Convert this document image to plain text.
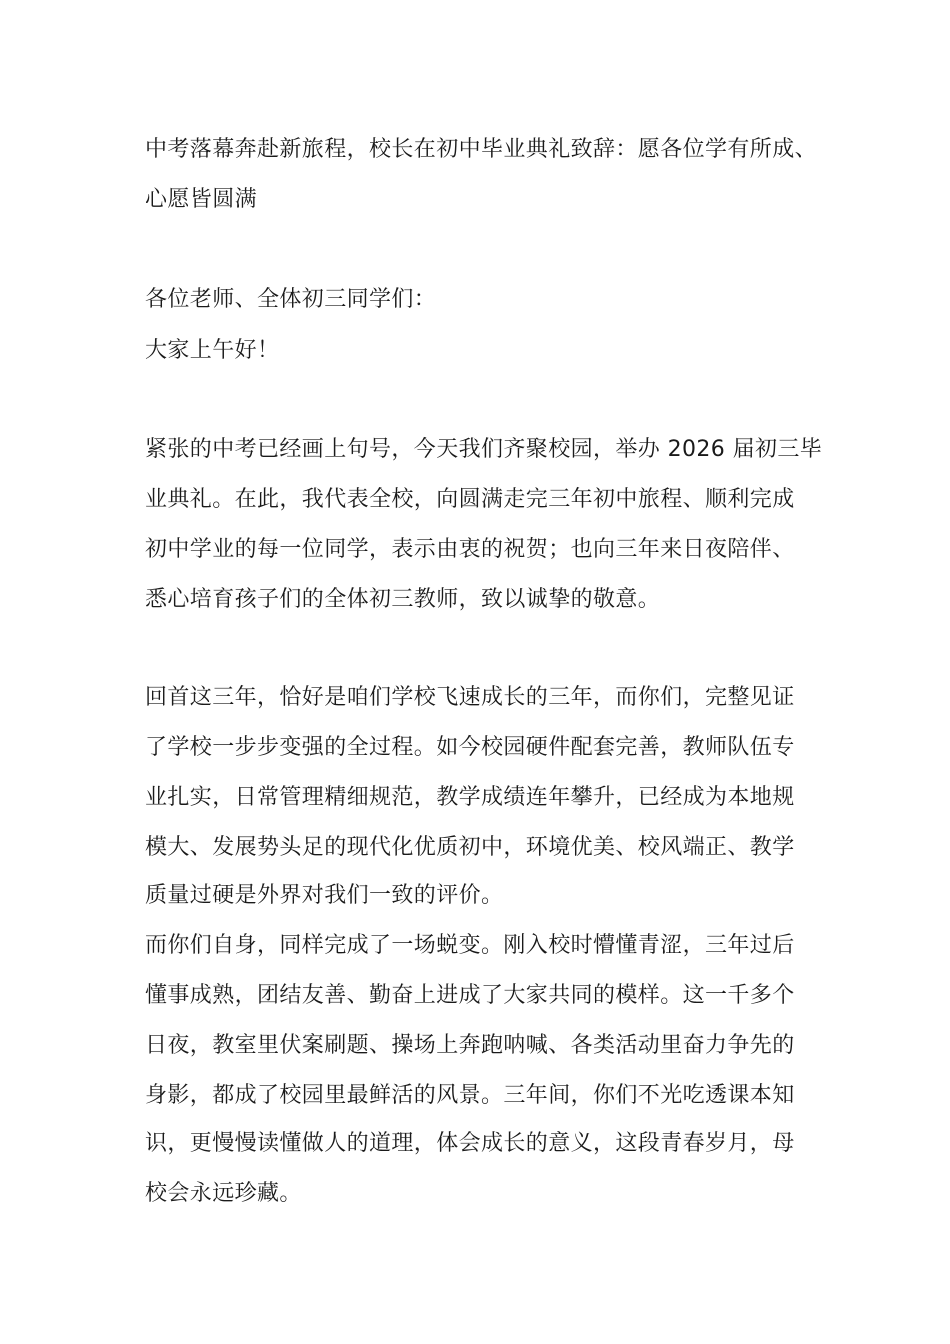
中考落幕奔赴新旅程，校长在初中毕业典礼致辞：愿各位学有所成、
心愿皆圆满
各位老师、全体初三同学们：
大家上午好！
紧张的中考已经画上句号，今天我们齐聚校园，举办 2026 届初三毕
业典礼。在此，我代表全校，向圆满走完三年初中旅程、顺利完成
初中学业的每一位同学，表示由衷的祝贺；也向三年来日夜陪伴、
悉心培育孩子们的全体初三教师，致以诚挚的敬意。
回首这三年，恰好是咱们学校飞速成长的三年，而你们，完整见证
了学校一步步变强的全过程。如今校园硬件配套完善，教师队伍专
业扎实，日常管理精细规范，教学成绩连年攀升，已经成为本地规
模大、发展势头足的现代化优质初中，环境优美、校风端正、教学
质量过硬是外界对我们一致的评价。
而你们自身，同样完成了一场蜕变。刚入校时懵懂青涩，三年过后
懂事成熟，团结友善、勤奋上进成了大家共同的模样。这一千多个
日夜，教室里伏案刷题、操场上奔跑呐喊、各类活动里奋力争先的
身影，都成了校园里最鲜活的风景。三年间，你们不光吃透课本知
识，更慢慢读懂做人的道理，体会成长的意义，这段青春岁月，母
校会永远珍藏。
